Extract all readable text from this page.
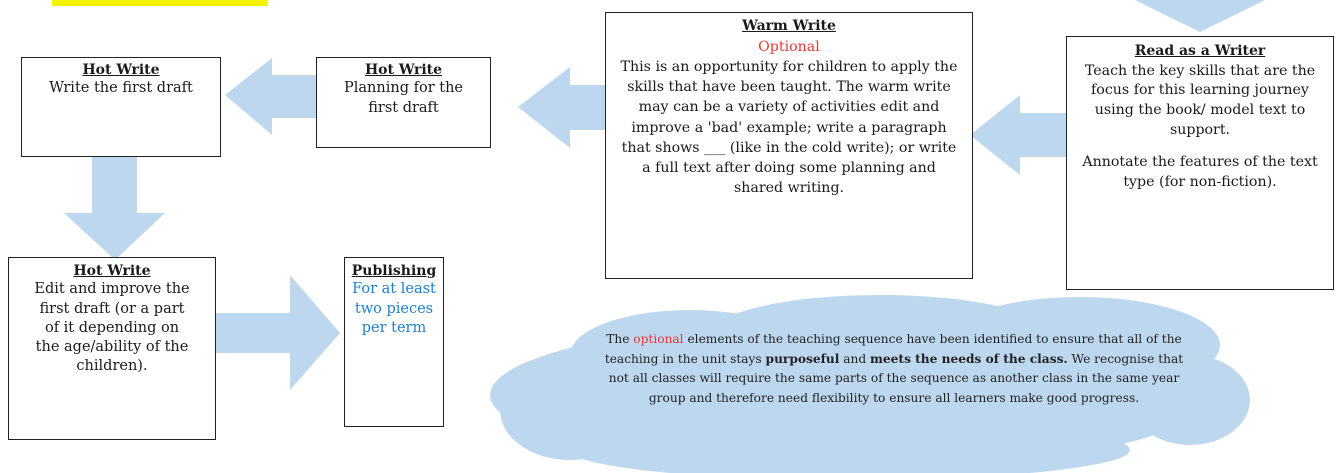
Hot Write

Write the first draft

Hot Write

Planning for the first draft

Warm Write
Optional

This is an opportunity for children to apply the skills that have been taught. The warm write may can be a variety of activities edit and improve a 'bad' example; write a paragraph that shows ___ (like in the cold write); or write a full text after doing some planning and shared writing.

Read as a Writer

Teach the key skills that are the focus for this learning journey using the book/ model text to support.

Annotate the features of the text type (for non-fiction).

Hot Write

Edit and improve the first draft (or a part of it depending on the age/ability of the children).

Publishing

For at least two pieces per term

The optional elements of the teaching sequence have been identified to ensure that all of the teaching in the unit stays purposeful and meets the needs of the class. We recognise that not all classes will require the same parts of the sequence as another class in the same year group and therefore need flexibility to ensure all learners make good progress.
